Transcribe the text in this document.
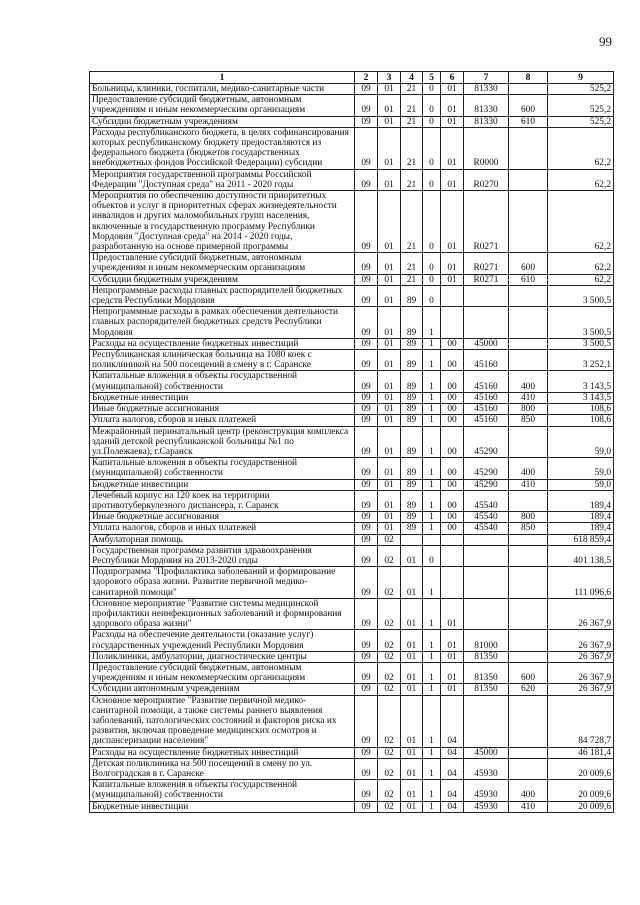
99
1	2	3	4	5	6	7	8	9
Больницы, клиники, госпитали, медико-санитарные части	09	01	21	0	01	81330		525,2
Предоставление субсидий бюджетным, автономным учреждениям и иным некоммерческим организациям	09	01	21	0	01	81330	600	525,2
Субсидии бюджетным учреждениям	09	01	21	0	01	81330	610	525,2
Расходы республиканского бюджета, в целях софинансирования которых республиканскому бюджету предоставляются из федерального бюджета (бюджетов государственных внебюджетных фондов Российской Федерации) субсидии	09	01	21	0	01	R0000		62,2
Мероприятия государственной программы Российской Федерации "Доступная среда" на 2011 - 2020 годы	09	01	21	0	01	R0270		62,2
Мероприятия по обеспечению доступности приоритетных объектов и услуг в приоритетных сферах жизнедеятельности инвалидов и других маломобильных групп населения, включенные в государственную программу Республики Мордовия "Доступная среда" на 2014 - 2020 годы, разработанную на основе примерной программы	09	01	21	0	01	R0271		62,2
Предоставление субсидий бюджетным, автономным учреждениям и иным некоммерческим организациям	09	01	21	0	01	R0271	600	62,2
Субсидии бюджетным учреждениям	09	01	21	0	01	R0271	610	62,2
Непрограммные расходы главных распорядителей бюджетных средств Республики Мордовия	09	01	89	0				3 500,5
Непрограммные расходы в рамках обеспечения деятельности главных распорядителей бюджетных средств Республики Мордовия	09	01	89	1				3 500,5
Расходы на осуществление бюджетных инвестиций	09	01	89	1	00	45000		3 500,5
Республиканская клиническая больница на 1080 коек с поликлиникой на 500 посещений в смену в г. Саранске	09	01	89	1	00	45160		3 252,1
Капитальные вложения в объекты государственной (муниципальной) собственности	09	01	89	1	00	45160	400	3 143,5
Бюджетные инвестиции	09	01	89	1	00	45160	410	3 143,5
Иные бюджетные ассигнования	09	01	89	1	00	45160	800	108,6
Уплата налогов, сборов и иных платежей	09	01	89	1	00	45160	850	108,6
Межрайонный перинатальный центр (реконструкция комплекса зданий детской республиканской больницы №1 по ул.Полежаева), г.Саранск	09	01	89	1	00	45290		59,0
Капитальные вложения в объекты государственной (муниципальной) собственности	09	01	89	1	00	45290	400	59,0
Бюджетные инвестиции	09	01	89	1	00	45290	410	59,0
Лечебный корпус на 120 коек на территории противотуберкулезного диспансера, г. Саранск	09	01	89	1	00	45540		189,4
Иные бюджетные ассигнования	09	01	89	1	00	45540	800	189,4
Уплата налогов, сборов и иных платежей	09	01	89	1	00	45540	850	189,4
Амбулаторная помощь	09	02						618 859,4
Государственная программа развития здравоохранения Республики Мордовия на 2013-2020 годы	09	02	01	0				401 138,5
Подпрограмма "Профилактика заболеваний и формирование здорового образа жизни. Развитие первичной медико-санитарной помощи"	09	02	01	1				111 096,6
Основное мероприятие "Развитие системы медицинской профилактики неинфекционных заболеваний и формирования здорового образа жизни"	09	02	01	1	01			26 367,9
Расходы на обеспечение деятельности (оказание услуг) государственных учреждений Республики Мордовия	09	02	01	1	01	81000		26 367,9
Поликлиники, амбулатории, диагностические центры	09	02	01	1	01	81350		26 367,9
Предоставление субсидий бюджетным, автономным учреждениям и иным некоммерческим организациям	09	02	01	1	01	81350	600	26 367,9
Субсидии автономным учреждениям	09	02	01	1	01	81350	620	26 367,9
Основное мероприятие "Развитие первичной медико-санитарной помощи, а также системы раннего выявления заболеваний, патологических состояний и факторов риска их развития, включая проведение медицинских осмотров и диспансеризации населения"	09	02	01	1	04			84 728,7
Расходы на осуществление бюджетных инвестиций	09	02	01	1	04	45000		46 181,4
Детская поликлиника на 500 посещений в смену по ул. Волгоградская в г. Саранске	09	02	01	1	04	45930		20 009,6
Капитальные вложения в объекты государственной (муниципальной) собственности	09	02	01	1	04	45930	400	20 009,6
Бюджетные инвестиции	09	02	01	1	04	45930	410	20 009,6
